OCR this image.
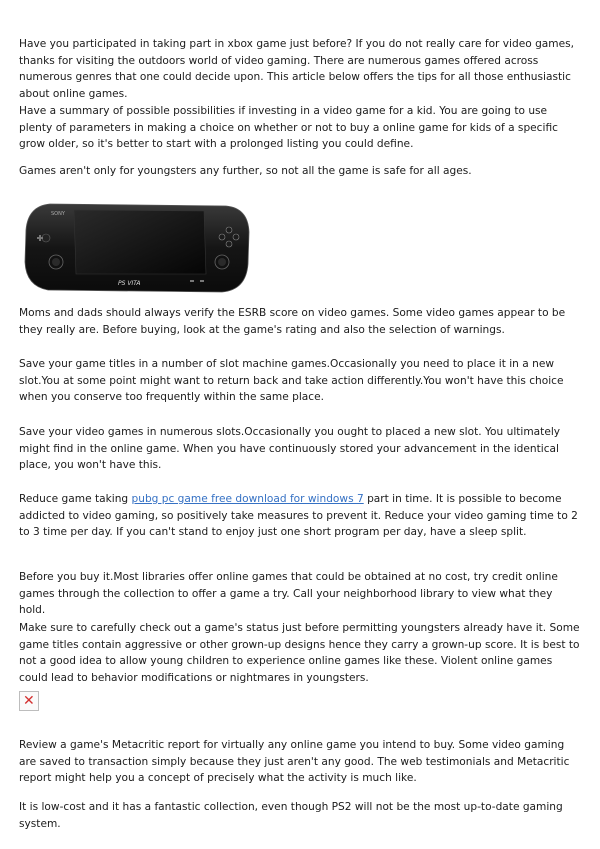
Have you participated in taking part in xbox game just before? If you do not really care for video games, thanks for visiting the outdoors world of video gaming. There are numerous games offered across numerous genres that one could decide upon. This article below offers the tips for all those enthusiastic about online games.

Have a summary of possible possibilities if investing in a video game for a kid. You are going to use plenty of parameters in making a choice on whether or not to buy a online game for kids of a specific grow older, so it's better to start with a prolonged listing you could define.

Games aren't only for youngsters any further, so not all the game is safe for all ages.

SONY
PS VITA

Moms and dads should always verify the ESRB score on video games. Some video games appear to be they really are. Before buying, look at the game's rating and also the selection of warnings.

Save your game titles in a number of slot machine games.Occasionally you need to place it in a new slot.You at some point might want to return back and take action differently.You won't have this choice when you conserve too frequently within the same place.

Save your video games in numerous slots.Occasionally you ought to placed a new slot. You ultimately might find in the online game. When you have continuously stored your advancement in the identical place, you won't have this.

Reduce game taking pubg pc game free download for windows 7 part in time. It is possible to become addicted to video gaming, so positively take measures to prevent it. Reduce your video gaming time to 2 to 3 time per day. If you can't stand to enjoy just one short program per day, have a sleep split.

Before you buy it.Most libraries offer online games that could be obtained at no cost, try credit online games through the collection to offer a game a try. Call your neighborhood library to view what they hold.

Make sure to carefully check out a game's status just before permitting youngsters already have it. Some game titles contain aggressive or other grown-up designs hence they carry a grown-up score. It is best to not a good idea to allow young children to experience online games like these. Violent online games could lead to behavior modifications or nightmares in youngsters.

✕

Review a game's Metacritic report for virtually any online game you intend to buy. Some video gaming are saved to transaction simply because they just aren't any good. The web testimonials and Metacritic report might help you a concept of precisely what the activity is much like.

It is low-cost and it has a fantastic collection, even though PS2 will not be the most up-to-date gaming system.
